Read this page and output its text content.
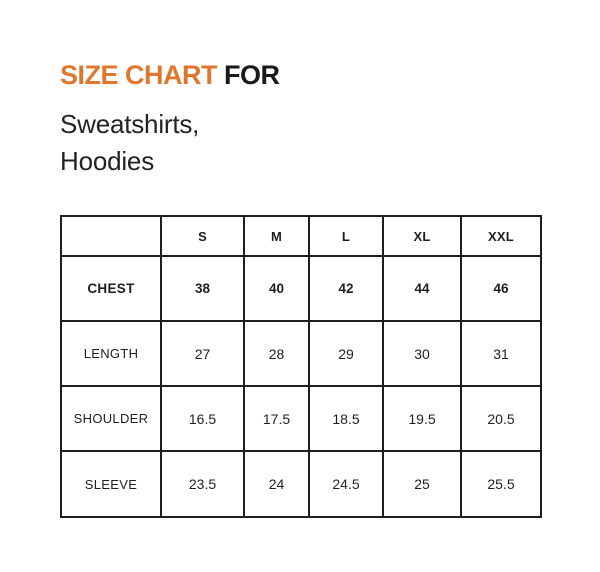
SIZE CHART FOR
Sweatshirts,
Hoodies
	S	M	L	XL	XXL
CHEST	38	40	42	44	46
LENGTH	27	28	29	30	31
SHOULDER	16.5	17.5	18.5	19.5	20.5
SLEEVE	23.5	24	24.5	25	25.5
